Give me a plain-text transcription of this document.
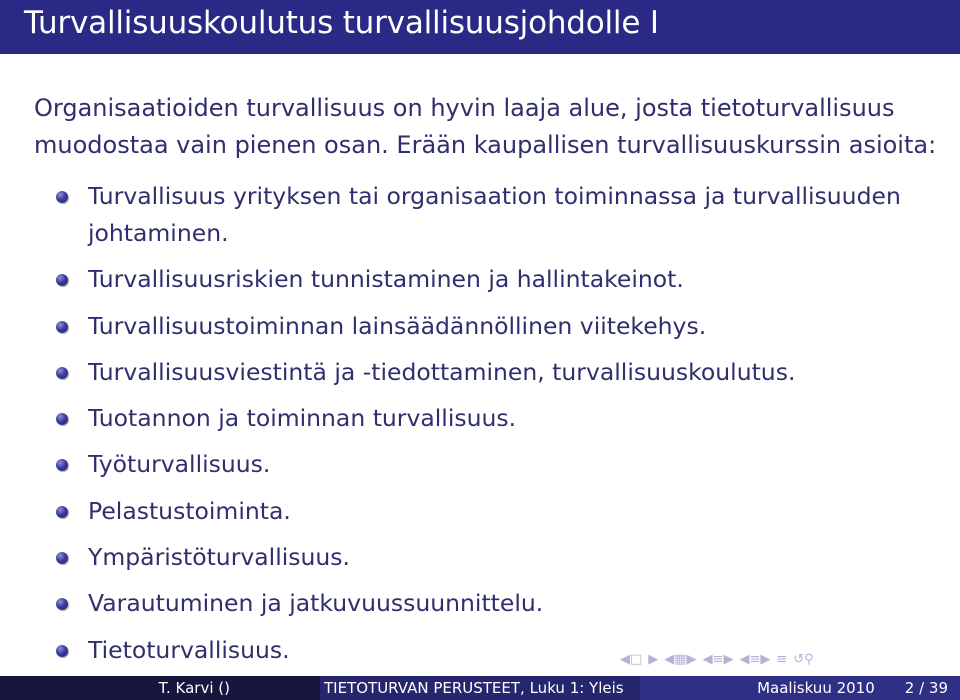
Turvallisuuskoulutus turvallisuusjohdolle I
Organisaatioiden turvallisuus on hyvin laaja alue, josta tietoturvallisuus
muodostaa vain pienen osan. Erään kaupallisen turvallisuuskurssin asioita:
Turvallisuus yrityksen tai organisaation toiminnassa ja turvallisuuden johtaminen.
Turvallisuusriskien tunnistaminen ja hallintakeinot.
Turvallisuustoiminnan lainsäädännöllinen viitekehys.
Turvallisuusviestintä ja -tiedottaminen, turvallisuuskoulutus.
Tuotannon ja toiminnan turvallisuus.
Työturvallisuus.
Pelastustoiminta.
Ympäristöturvallisuus.
Varautuminen ja jatkuvuussuunnittelu.
Tietoturvallisuus.	◀□ ▶ ◀▦▶ ◀≡▶ ◀≡▶ ≡ ↺⚲
T. Karvi ()	TIETOTURVAN PERUSTEET, Luku 1: Yleis	Maaliskuu 2010 2 / 39
